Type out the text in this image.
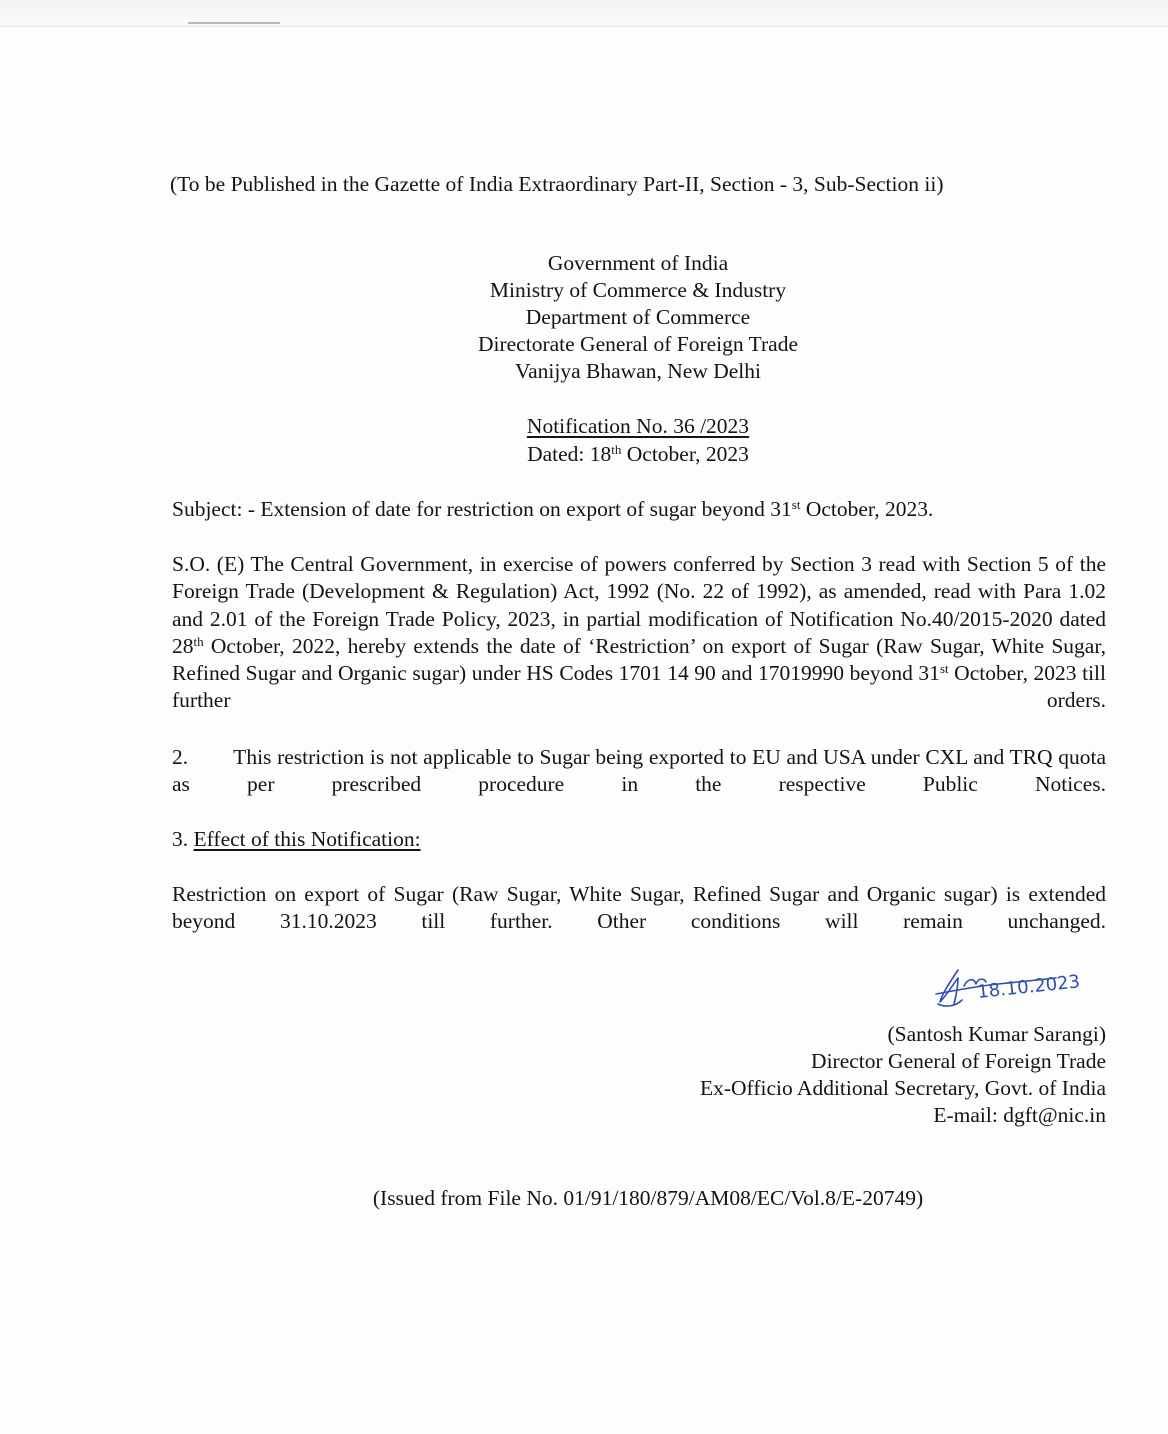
(To be Published in the Gazette of India Extraordinary Part-II, Section - 3, Sub-Section ii)
Government of India
Ministry of Commerce & Industry
Department of Commerce
Directorate General of Foreign Trade
Vanijya Bhawan, New Delhi
Notification No. 36 /2023
Dated: 18th October, 2023
Subject: - Extension of date for restriction on export of sugar beyond 31st October, 2023.
S.O. (E) The Central Government, in exercise of powers conferred by Section 3 read with Section 5 of the Foreign Trade (Development & Regulation) Act, 1992 (No. 22 of 1992), as amended, read with Para 1.02 and 2.01 of the Foreign Trade Policy, 2023, in partial modification of Notification No.40/2015-2020 dated 28th October, 2022, hereby extends the date of ‘Restriction’ on export of Sugar (Raw Sugar, White Sugar, Refined Sugar and Organic sugar) under HS Codes 1701 14 90 and 17019990 beyond 31st October, 2023 till further orders.
2.        This restriction is not applicable to Sugar being exported to EU and USA under CXL and TRQ quota as per prescribed procedure in the respective Public Notices.
3. Effect of this Notification:
Restriction on export of Sugar (Raw Sugar, White Sugar, Refined Sugar and Organic sugar) is extended beyond 31.10.2023 till further. Other conditions will remain unchanged.
18.10.2023
(Santosh Kumar Sarangi)
Director General of Foreign Trade
Ex-Officio Additional Secretary, Govt. of India
E-mail: dgft@nic.in
(Issued from File No. 01/91/180/879/AM08/EC/Vol.8/E-20749)
